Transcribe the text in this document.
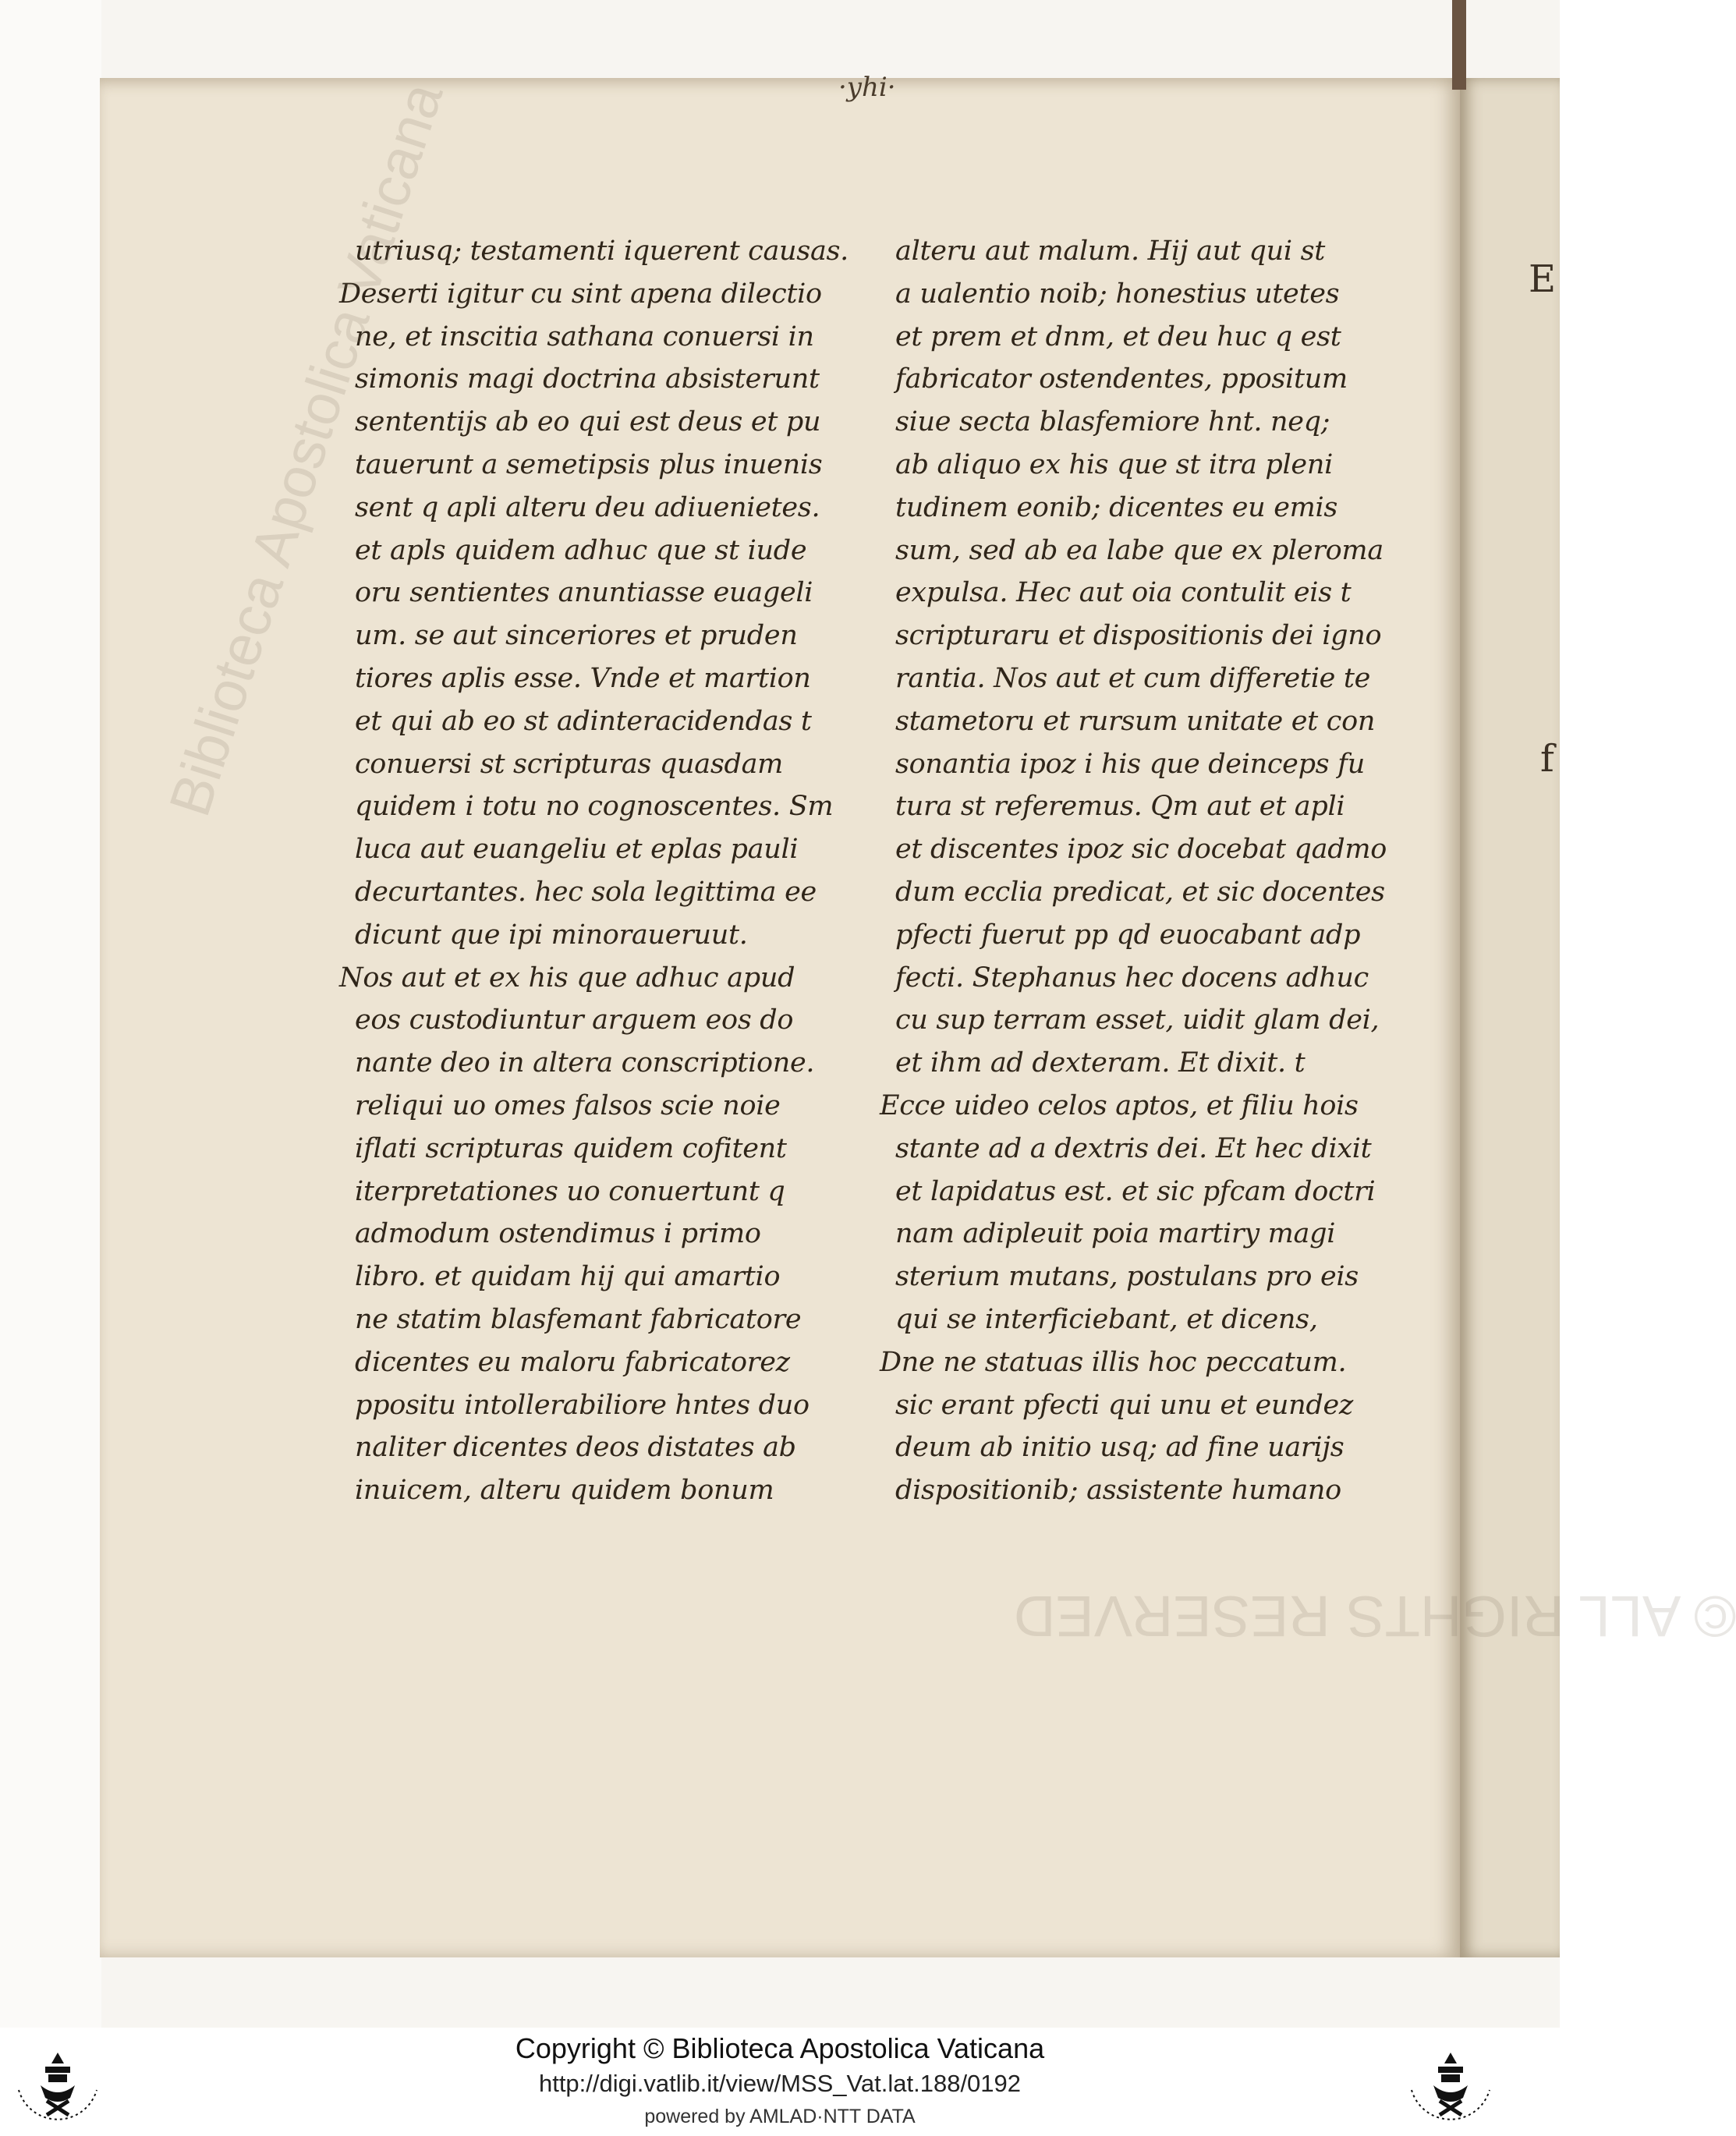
E
f
·yhi·
utriusq; testamenti iquerent causas.
Deserti igitur cu sint apena dilectio
ne, et inscitia sathana conuersi in
simonis magi doctrina absisterunt
sententijs ab eo qui est deus et pu
tauerunt a semetipsis plus inuenis
sent q apli alteru deu adiuenietes.
et apls quidem adhuc que st iude
oru sentientes anuntiasse euageli
um. se aut sinceriores et pruden
tiores aplis esse. Vnde et martion
et qui ab eo st adinteracidendas t
conuersi st scripturas quasdam
quidem i totu no cognoscentes. Sm
luca aut euangeliu et eplas pauli
decurtantes. hec sola legittima ee
dicunt que ipi minoraueruut.
Nos aut et ex his que adhuc apud
eos custodiuntur arguem eos do
nante deo in altera conscriptione.
reliqui uo omes falsos scie noie
iflati scripturas quidem cofitent
iterpretationes uo conuertunt q
admodum ostendimus i primo
libro. et quidam hij qui amartio
ne statim blasfemant fabricatore
dicentes eu maloru fabricatorez
ppositu intollerabiliore hntes duo
naliter dicentes deos distates ab
inuicem, alteru quidem bonum
alteru aut malum. Hij aut qui st
a ualentio noib; honestius utetes
et prem et dnm, et deu huc q est
fabricator ostendentes, ppositum
siue secta blasfemiore hnt. neq;
ab aliquo ex his que st itra pleni
tudinem eonib; dicentes eu emis
sum, sed ab ea labe que ex pleroma
expulsa. Hec aut oia contulit eis t
scripturaru et dispositionis dei igno
rantia. Nos aut et cum differetie te
stametoru et rursum unitate et con
sonantia ipoz i his que deinceps fu
tura st referemus. Qm aut et apli
et discentes ipoz sic docebat qadmo
dum ecclia predicat, et sic docentes
pfecti fuerut pp qd euocabant adp
fecti. Stephanus hec docens adhuc
cu sup terram esset, uidit glam dei,
et ihm ad dexteram. Et dixit. t
Ecce uideo celos aptos, et filiu hois
stante ad a dextris dei. Et hec dixit
et lapidatus est. et sic pfcam doctri
nam adipleuit poia martiry magi
sterium mutans, postulans pro eis
qui se interficiebant, et dicens,
Dne ne statuas illis hoc peccatum.
sic erant pfecti qui unu et eundez
deum ab initio usq; ad fine uarijs
dispositionib; assistente humano
© ALL
Copyright © Biblioteca Apostolica Vaticana
http://digi.vatlib.it/view/MSS_Vat.lat.188/0192
powered by AMLAD·NTT DATA
